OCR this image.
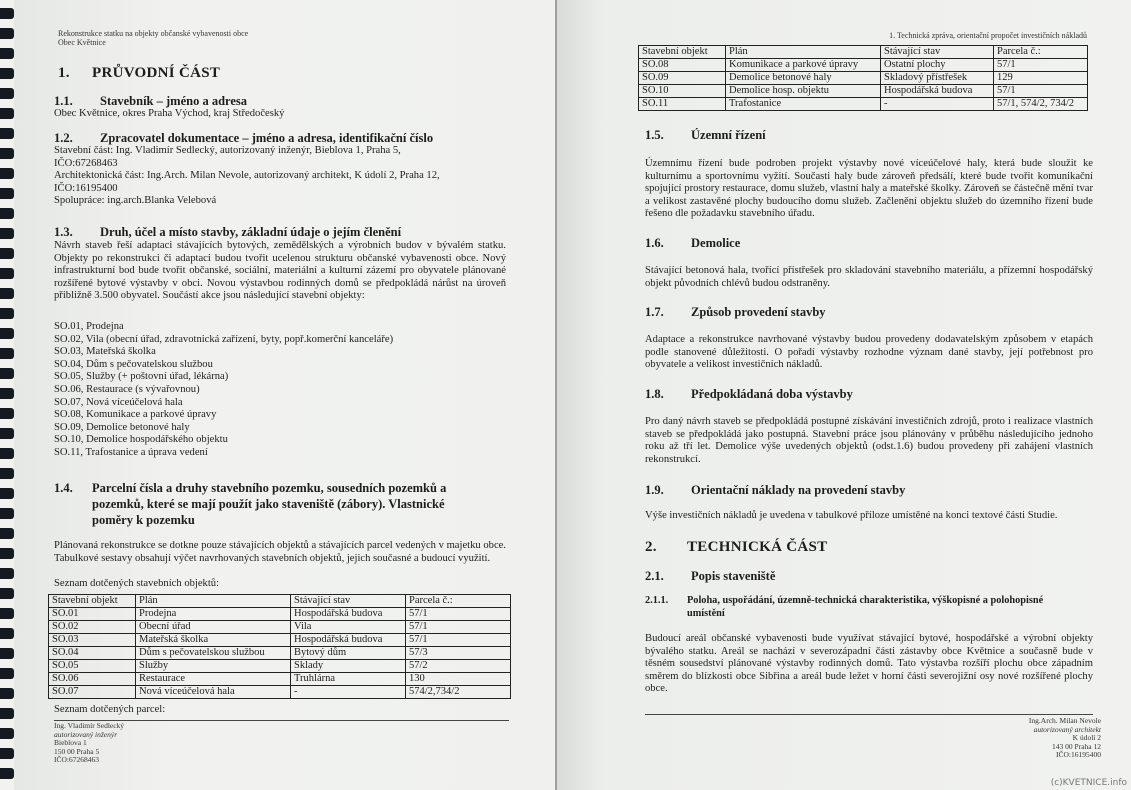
Rekonstrukce statku na objekty občanské vybavenosti obce
Obec Květnice
1. PRŮVODNÍ ČÁST
1.1. Stavebník – jméno a adresa
Obec Květnice, okres Praha Východ, kraj Středočeský
1.2. Zpracovatel dokumentace – jméno a adresa, identifikační číslo
Stavební část: Ing. Vladimír Sedlecký, autorizovaný inženýr, Bieblova 1, Praha 5,
IČO:67268463
Architektonická část: Ing.Arch. Milan Nevole, autorizovaný architekt, K údolí 2, Praha 12,
IČO:16195400
Spolupráce: ing.arch.Blanka Velebová
1.3. Druh, účel a místo stavby, základní údaje o jejím členění
Návrh staveb řeší adaptaci stávajících bytových, zemědělských a výrobních budov v bývalém statku. Objekty po rekonstrukci či adaptaci budou tvořit ucelenou strukturu občanské vybavenosti obce. Nový infrastrukturní bod bude tvořit občanské, sociální, materiální a kulturní zázemí pro obyvatele plánované rozšířené bytové výstavby v obci. Novou výstavbou rodinných domů se předpokládá nárůst na úroveň přibližně 3.500 obyvatel. Součástí akce jsou následující stavební objekty:
SO.01, Prodejna
SO.02, Vila (obecní úřad, zdravotnická zařízení, byty, popř.komerční kanceláře)
SO.03, Mateřská školka
SO.04, Dům s pečovatelskou službou
SO.05, Služby (+ poštovní úřad, lékárna)
SO.06, Restaurace (s vývařovnou)
SO.07, Nová víceúčelová hala
SO.08, Komunikace a parkové úpravy
SO.09, Demolice betonové haly
SO.10, Demolice hospodářského objektu
SO.11, Trafostanice a úprava vedení
1.4. Parcelní čísla a druhy stavebního pozemku, sousedních pozemků a
pozemků, které se mají použít jako staveniště (zábory). Vlastnické
poměry k pozemku
Plánovaná rekonstrukce se dotkne pouze stávajících objektů a stávajících parcel vedených v majetku obce. Tabulkové sestavy obsahují výčet navrhovaných stavebních objektů, jejich současné a budoucí využití.
Seznam dotčených stavebních objektů:
Stavební objekt	Plán	Stávající stav	Parcela č.:
SO.01	Prodejna	Hospodářská budova	57/1
SO.02	Obecní úřad	Vila	57/1
SO.03	Mateřská školka	Hospodářská budova	57/1
SO.04	Dům s pečovatelskou službou	Bytový dům	57/3
SO.05	Služby	Sklady	57/2
SO.06	Restaurace	Truhlárna	130
SO.07	Nová víceúčelová hala	-	574/2,734/2
Seznam dotčených parcel:
Ing. Vladimír Sedlecký
autorizovaný inženýr
Bieblova 1
150 00 Praha 5
IČO:67268463
1. Technická zpráva, orientační propočet investičních nákladů
Stavební objekt	Plán	Stávající stav	Parcela č.:
SO.08	Komunikace a parkové úpravy	Ostatní plochy	57/1
SO.09	Demolice betonové haly	Skladový přístřešek	129
SO.10	Demolice hosp. objektu	Hospodářská budova	57/1
SO.11	Trafostanice	-	57/1, 574/2, 734/2
1.5. Územní řízení
Územnímu řízení bude podroben projekt výstavby nové víceúčelové haly, která bude sloužit ke kulturnímu a sportovnímu vyžití. Současti haly bude zároveň předsálí, které bude tvořit komunikační spojující prostory restaurace, domu služeb, vlastní haly a mateřské školky. Zároveň se částečně mění tvar a velikost zastavěné plochy budoucího domu služeb. Začlenění objektu služeb do územního řízení bude řešeno dle požadavku stavebního úřadu.
1.6. Demolice
Stávající betonová hala, tvořící přístřešek pro skladování stavebního materiálu, a přízemní hospodářský objekt původních chlévů budou odstraněny.
1.7. Způsob provedení stavby
Adaptace a rekonstrukce navrhované výstavby budou provedeny dodavatelským způsobem v etapách podle stanovené důležitosti. O pořadí výstavby rozhodne význam dané stavby, její potřebnost pro obyvatele a velikost investičních nákladů.
1.8. Předpokládaná doba výstavby
Pro daný návrh staveb se předpokládá postupné získávání investičních zdrojů, proto i realizace vlastních staveb se předpokládá jako postupná. Stavební práce jsou plánovány v průběhu následujícího jednoho roku až tří let. Demolice výše uvedených objektů (odst.1.6) budou provedeny při zahájení vlastních rekonstrukcí.
1.9. Orientační náklady na provedení stavby
Výše investičních nákladů je uvedena v tabulkové příloze umístěné na konci textové části Studie.
2. TECHNICKÁ ČÁST
2.1. Popis staveniště
2.1.1. Poloha, uspořádání, územně-technická charakteristika, výškopisné a polohopisné
umístění
Budoucí areál občanské vybavenosti bude využívat stávající bytové, hospodářské a výrobní objekty bývalého statku. Areál se nachází v severozápadní části zástavby obce Květnice a současně bude v těsném sousedství plánované výstavby rodinných domů. Tato výstavba rozšíří plochu obce západním směrem do blízkosti obce Sibřina a areál bude ležet v horní části severojižní osy nové rozšířené plochy obce.
Ing.Arch. Milan Nevole
autorizovaný architekt
K údolí 2
143 00 Praha 12
IČO:16195400
(c)KVETNICE.info
